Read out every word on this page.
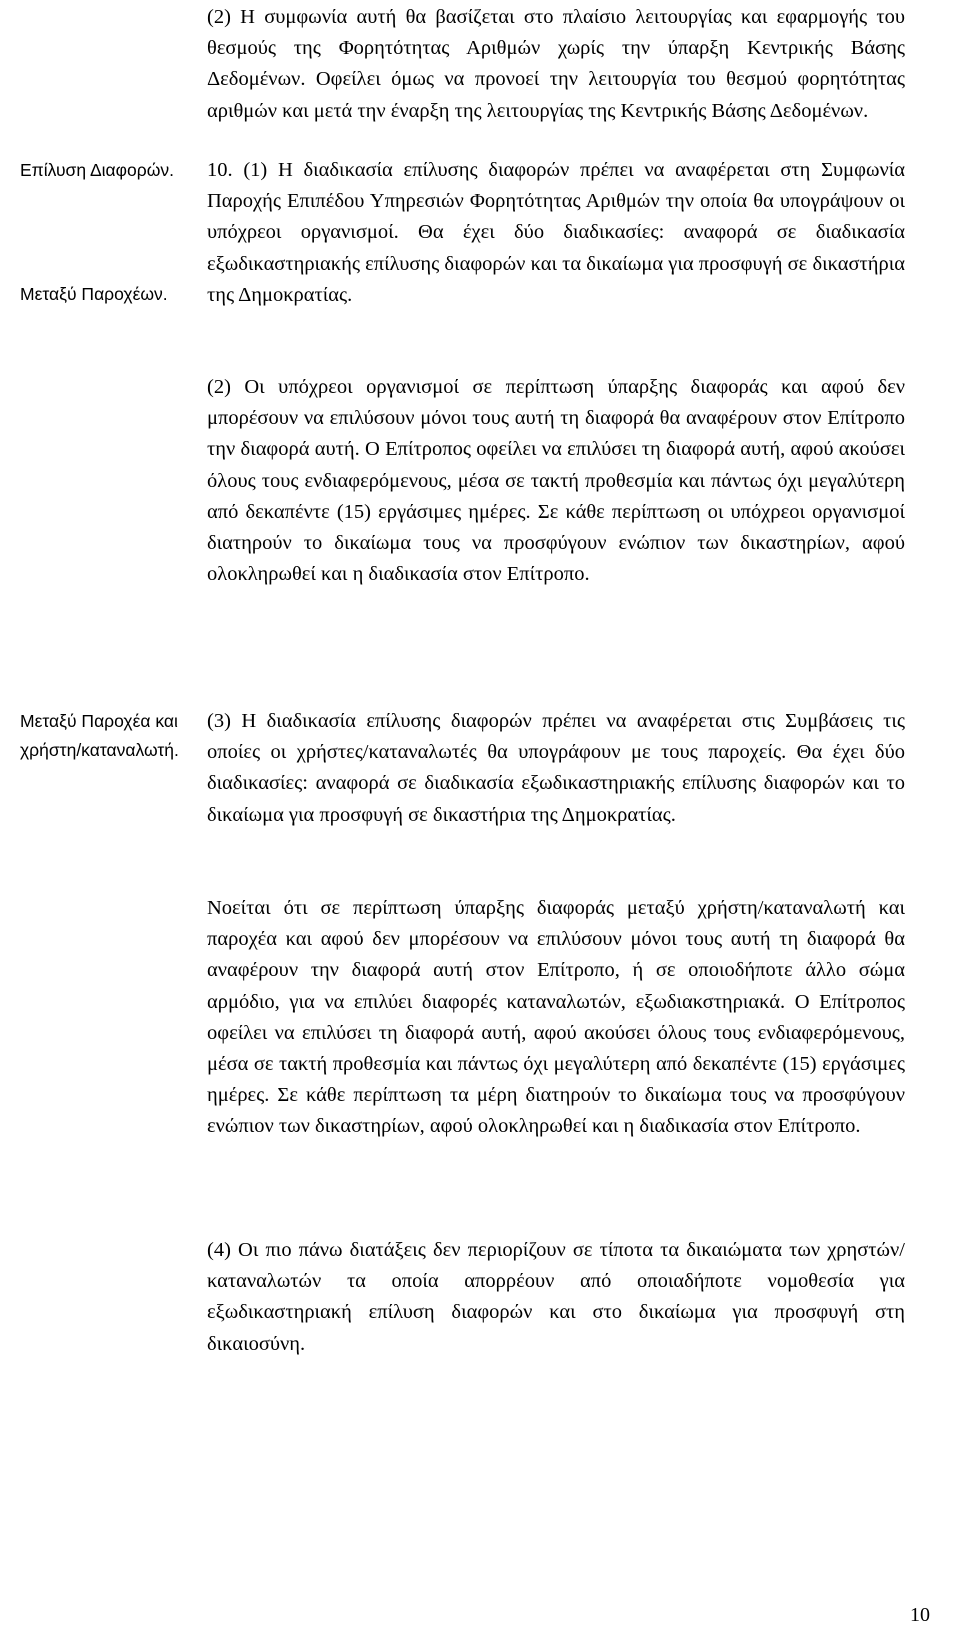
(2) Η συμφωνία αυτή θα βασίζεται στο πλαίσιο λειτουργίας και εφαρμογής του θεσμούς της Φορητότητας Αριθμών χωρίς την ύπαρξη Κεντρικής Βάσης Δεδομένων. Οφείλει όμως να προνοεί την λειτουργία του θεσμού φορητότητας αριθμών και μετά την έναρξη της λειτουργίας της Κεντρικής Βάσης Δεδομένων.

Επίλυση Διαφορών.

Μεταξύ Παροχέων.

10. (1) Η διαδικασία επίλυσης διαφορών πρέπει να αναφέρεται στη Συμφωνία Παροχής Επιπέδου Υπηρεσιών Φορητότητας Αριθμών την οποία θα υπογράψουν οι υπόχρεοι οργανισμοί. Θα έχει δύο διαδικασίες: αναφορά σε διαδικασία εξωδικαστηριακής επίλυσης διαφορών και τα δικαίωμα για προσφυγή σε δικαστήρια της Δημοκρατίας.

(2) Οι υπόχρεοι οργανισμοί σε περίπτωση ύπαρξης διαφοράς και αφού δεν μπορέσουν να επιλύσουν μόνοι τους αυτή τη διαφορά θα αναφέρουν στον Επίτροπο την διαφορά αυτή. Ο Επίτροπος οφείλει να επιλύσει τη διαφορά αυτή, αφού ακούσει όλους τους ενδιαφερόμενους, μέσα σε τακτή προθεσμία και πάντως όχι μεγαλύτερη από δεκαπέντε (15) εργάσιμες ημέρες. Σε κάθε περίπτωση οι υπόχρεοι οργανισμοί διατηρούν το δικαίωμα τους να προσφύγουν ενώπιον των δικαστηρίων, αφού ολοκληρωθεί και η διαδικασία στον Επίτροπο.

Μεταξύ Παροχέα και χρήστη/καταναλωτή.

(3) Η διαδικασία επίλυσης διαφορών πρέπει να αναφέρεται στις Συμβάσεις τις οποίες οι χρήστες/καταναλωτές θα υπογράφουν με τους παροχείς. Θα έχει δύο διαδικασίες: αναφορά σε διαδικασία εξωδικαστηριακής επίλυσης διαφορών και το δικαίωμα για προσφυγή σε δικαστήρια της Δημοκρατίας.

Νοείται ότι σε περίπτωση ύπαρξης διαφοράς μεταξύ χρήστη/καταναλωτή και παροχέα και αφού δεν μπορέσουν να επιλύσουν μόνοι τους αυτή τη διαφορά θα αναφέρουν την διαφορά αυτή στον Επίτροπο, ή σε οποιοδήποτε άλλο σώμα αρμόδιο, για να επιλύει διαφορές καταναλωτών, εξωδιακστηριακά. Ο Επίτροπος οφείλει να επιλύσει τη διαφορά αυτή, αφού ακούσει όλους τους ενδιαφερόμενους, μέσα σε τακτή προθεσμία και πάντως όχι μεγαλύτερη από δεκαπέντε (15) εργάσιμες ημέρες. Σε κάθε περίπτωση τα μέρη διατηρούν το δικαίωμα τους να προσφύγουν ενώπιον των δικαστηρίων, αφού ολοκληρωθεί και η διαδικασία στον Επίτροπο.

(4) Οι πιο πάνω διατάξεις δεν περιορίζουν σε τίποτα τα δικαιώματα των χρηστών/καταναλωτών τα οποία απορρέουν από οποιαδήποτε νομοθεσία για εξωδικαστηριακή επίλυση διαφορών και στο δικαίωμα για προσφυγή στη δικαιοσύνη.

10
